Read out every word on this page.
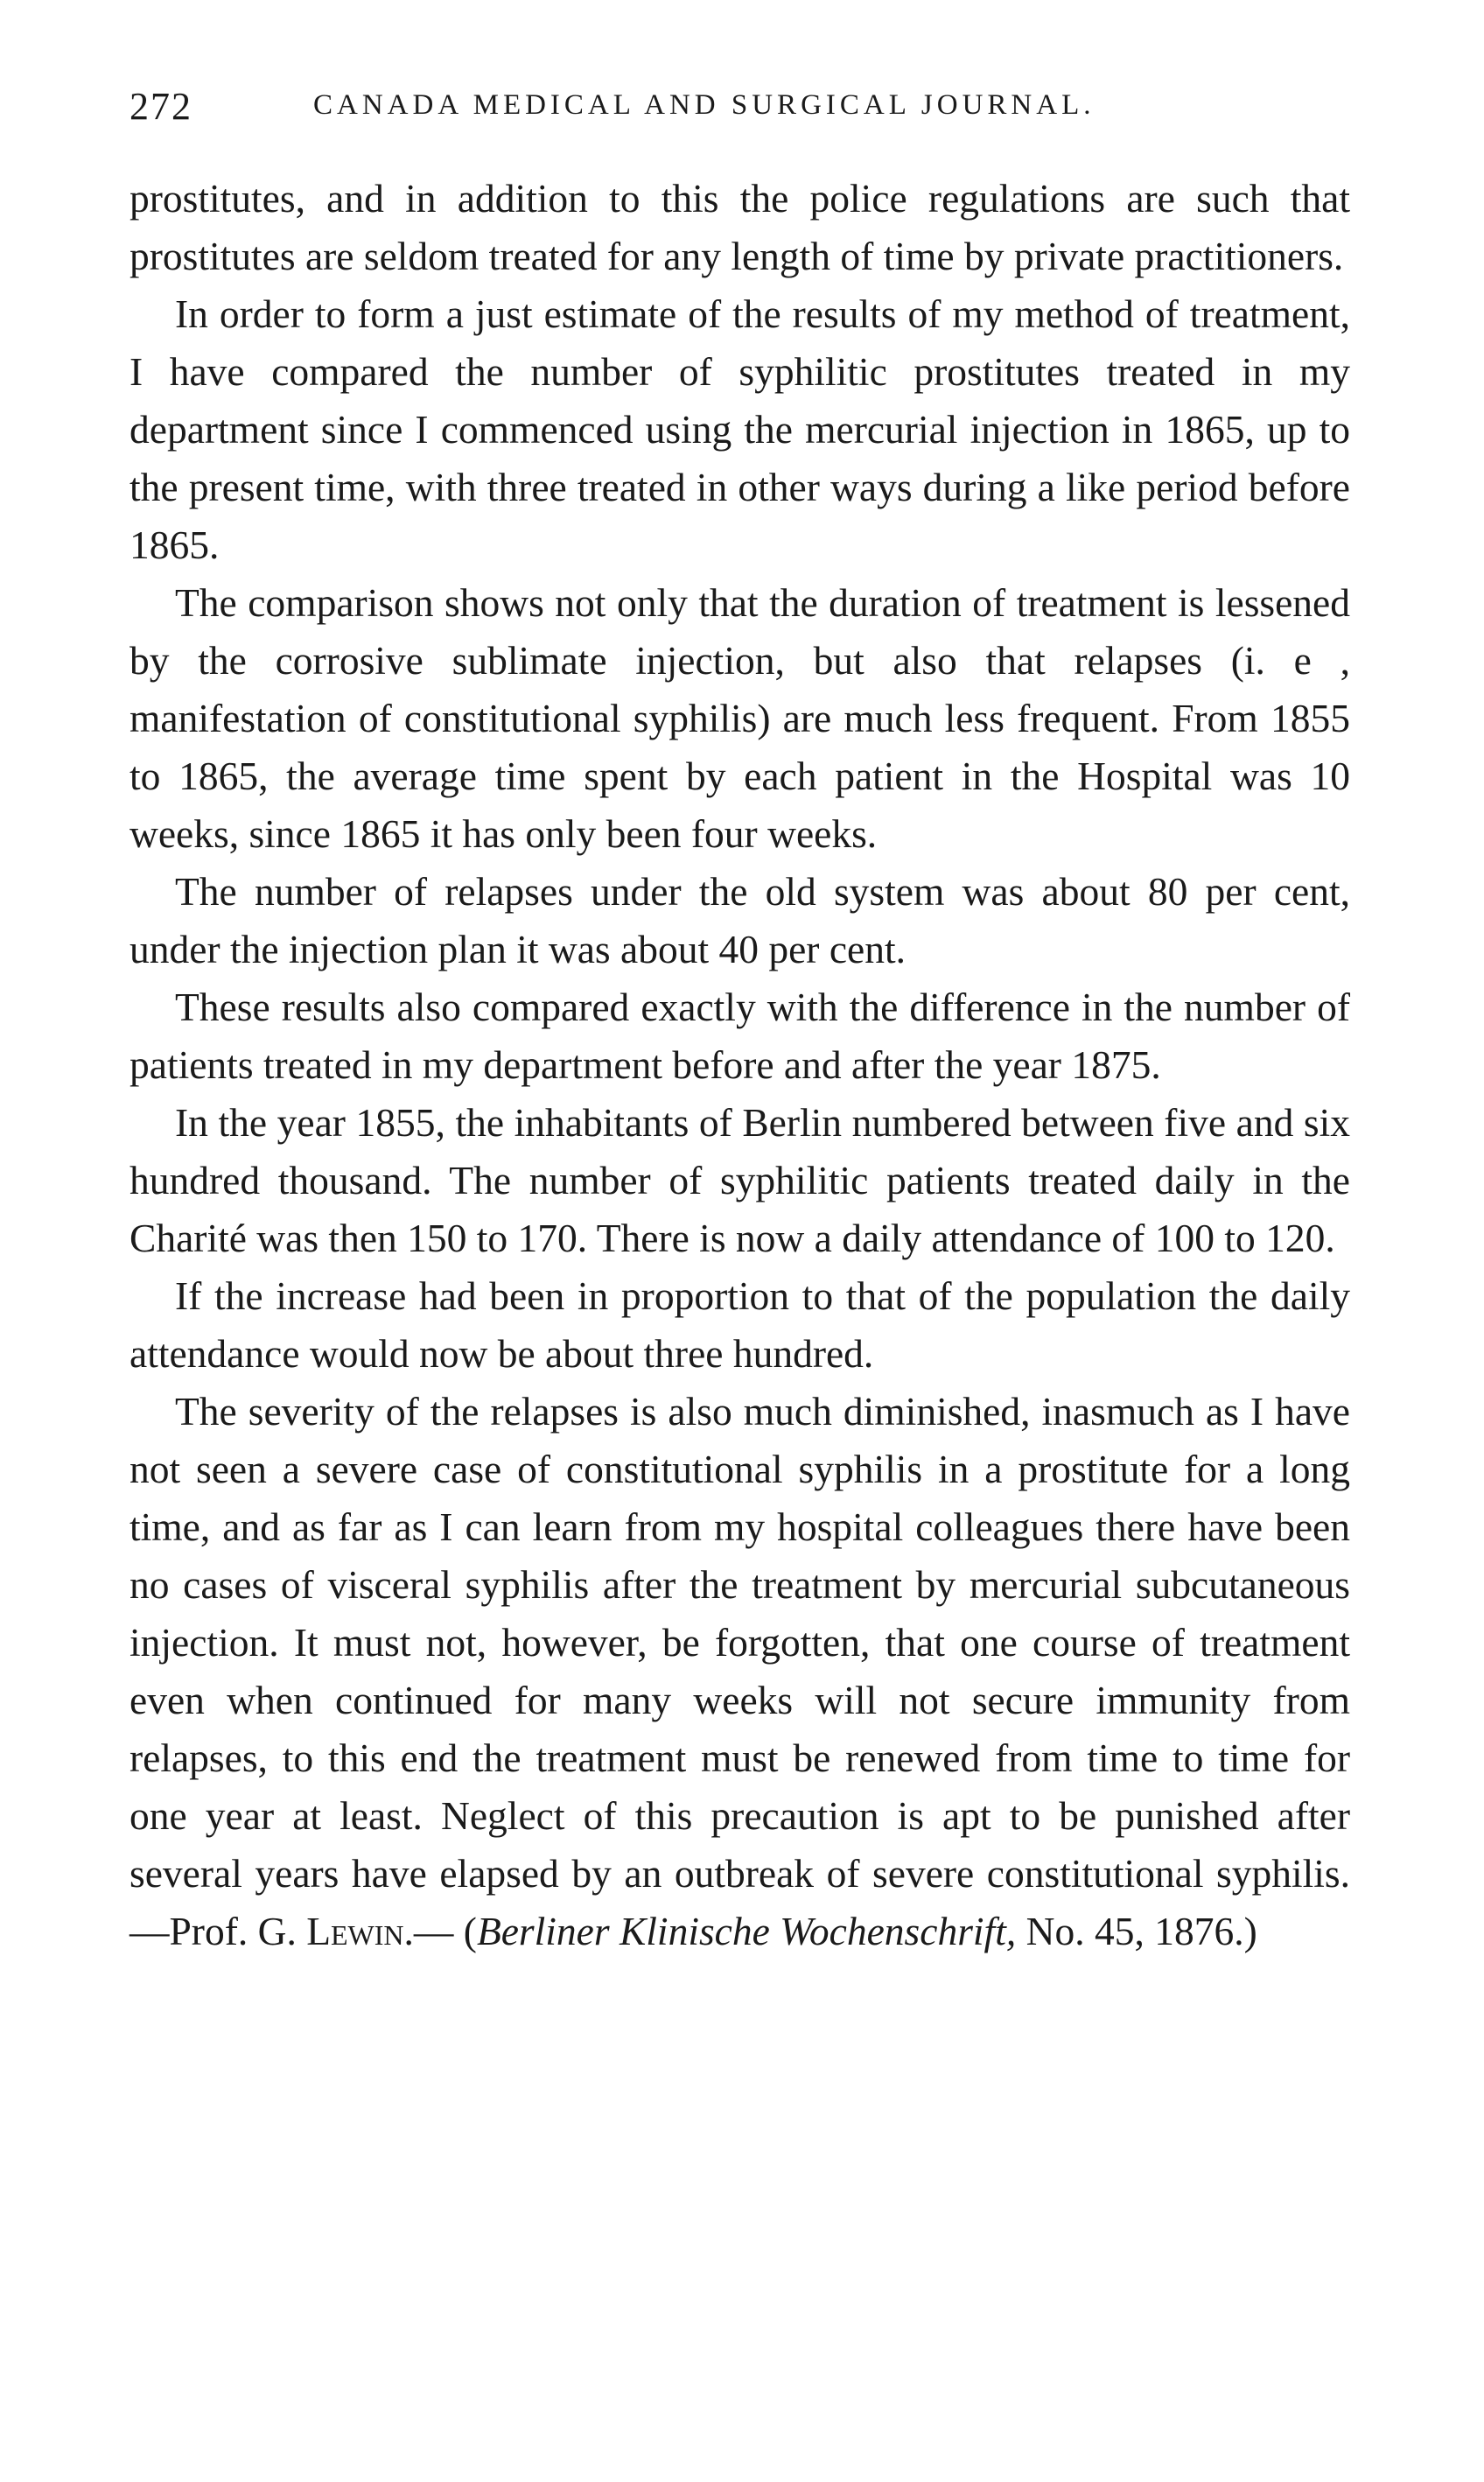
272	CANADA MEDICAL AND SURGICAL JOURNAL.

prostitutes, and in addition to this the police regulations are such that prostitutes are seldom treated for any length of time by private practitioners.

In order to form a just estimate of the results of my method of treatment, I have compared the number of syphilitic prostitutes treated in my department since I commenced using the mercurial injection in 1865, up to the present time, with three treated in other ways during a like period before 1865.

The comparison shows not only that the duration of treatment is lessened by the corrosive sublimate injection, but also that relapses (i. e , manifestation of constitutional syphilis) are much less frequent. From 1855 to 1865, the average time spent by each patient in the Hospital was 10 weeks, since 1865 it has only been four weeks.

The number of relapses under the old system was about 80 per cent, under the injection plan it was about 40 per cent.

These results also compared exactly with the difference in the number of patients treated in my department before and after the year 1875.

In the year 1855, the inhabitants of Berlin numbered between five and six hundred thousand. The number of syphilitic patients treated daily in the Charité was then 150 to 170. There is now a daily attendance of 100 to 120.

If the increase had been in proportion to that of the population the daily attendance would now be about three hundred.

The severity of the relapses is also much diminished, inasmuch as I have not seen a severe case of constitutional syphilis in a prostitute for a long time, and as far as I can learn from my hospital colleagues there have been no cases of visceral syphilis after the treatment by mercurial subcutaneous injection. It must not, however, be forgotten, that one course of treatment even when continued for many weeks will not secure immunity from relapses, to this end the treatment must be renewed from time to time for one year at least. Neglect of this precaution is apt to be punished after several years have elapsed by an outbreak of severe constitutional syphilis.—Prof. G. Lewin.— (Berliner Klinische Wochenschrift, No. 45, 1876.)
